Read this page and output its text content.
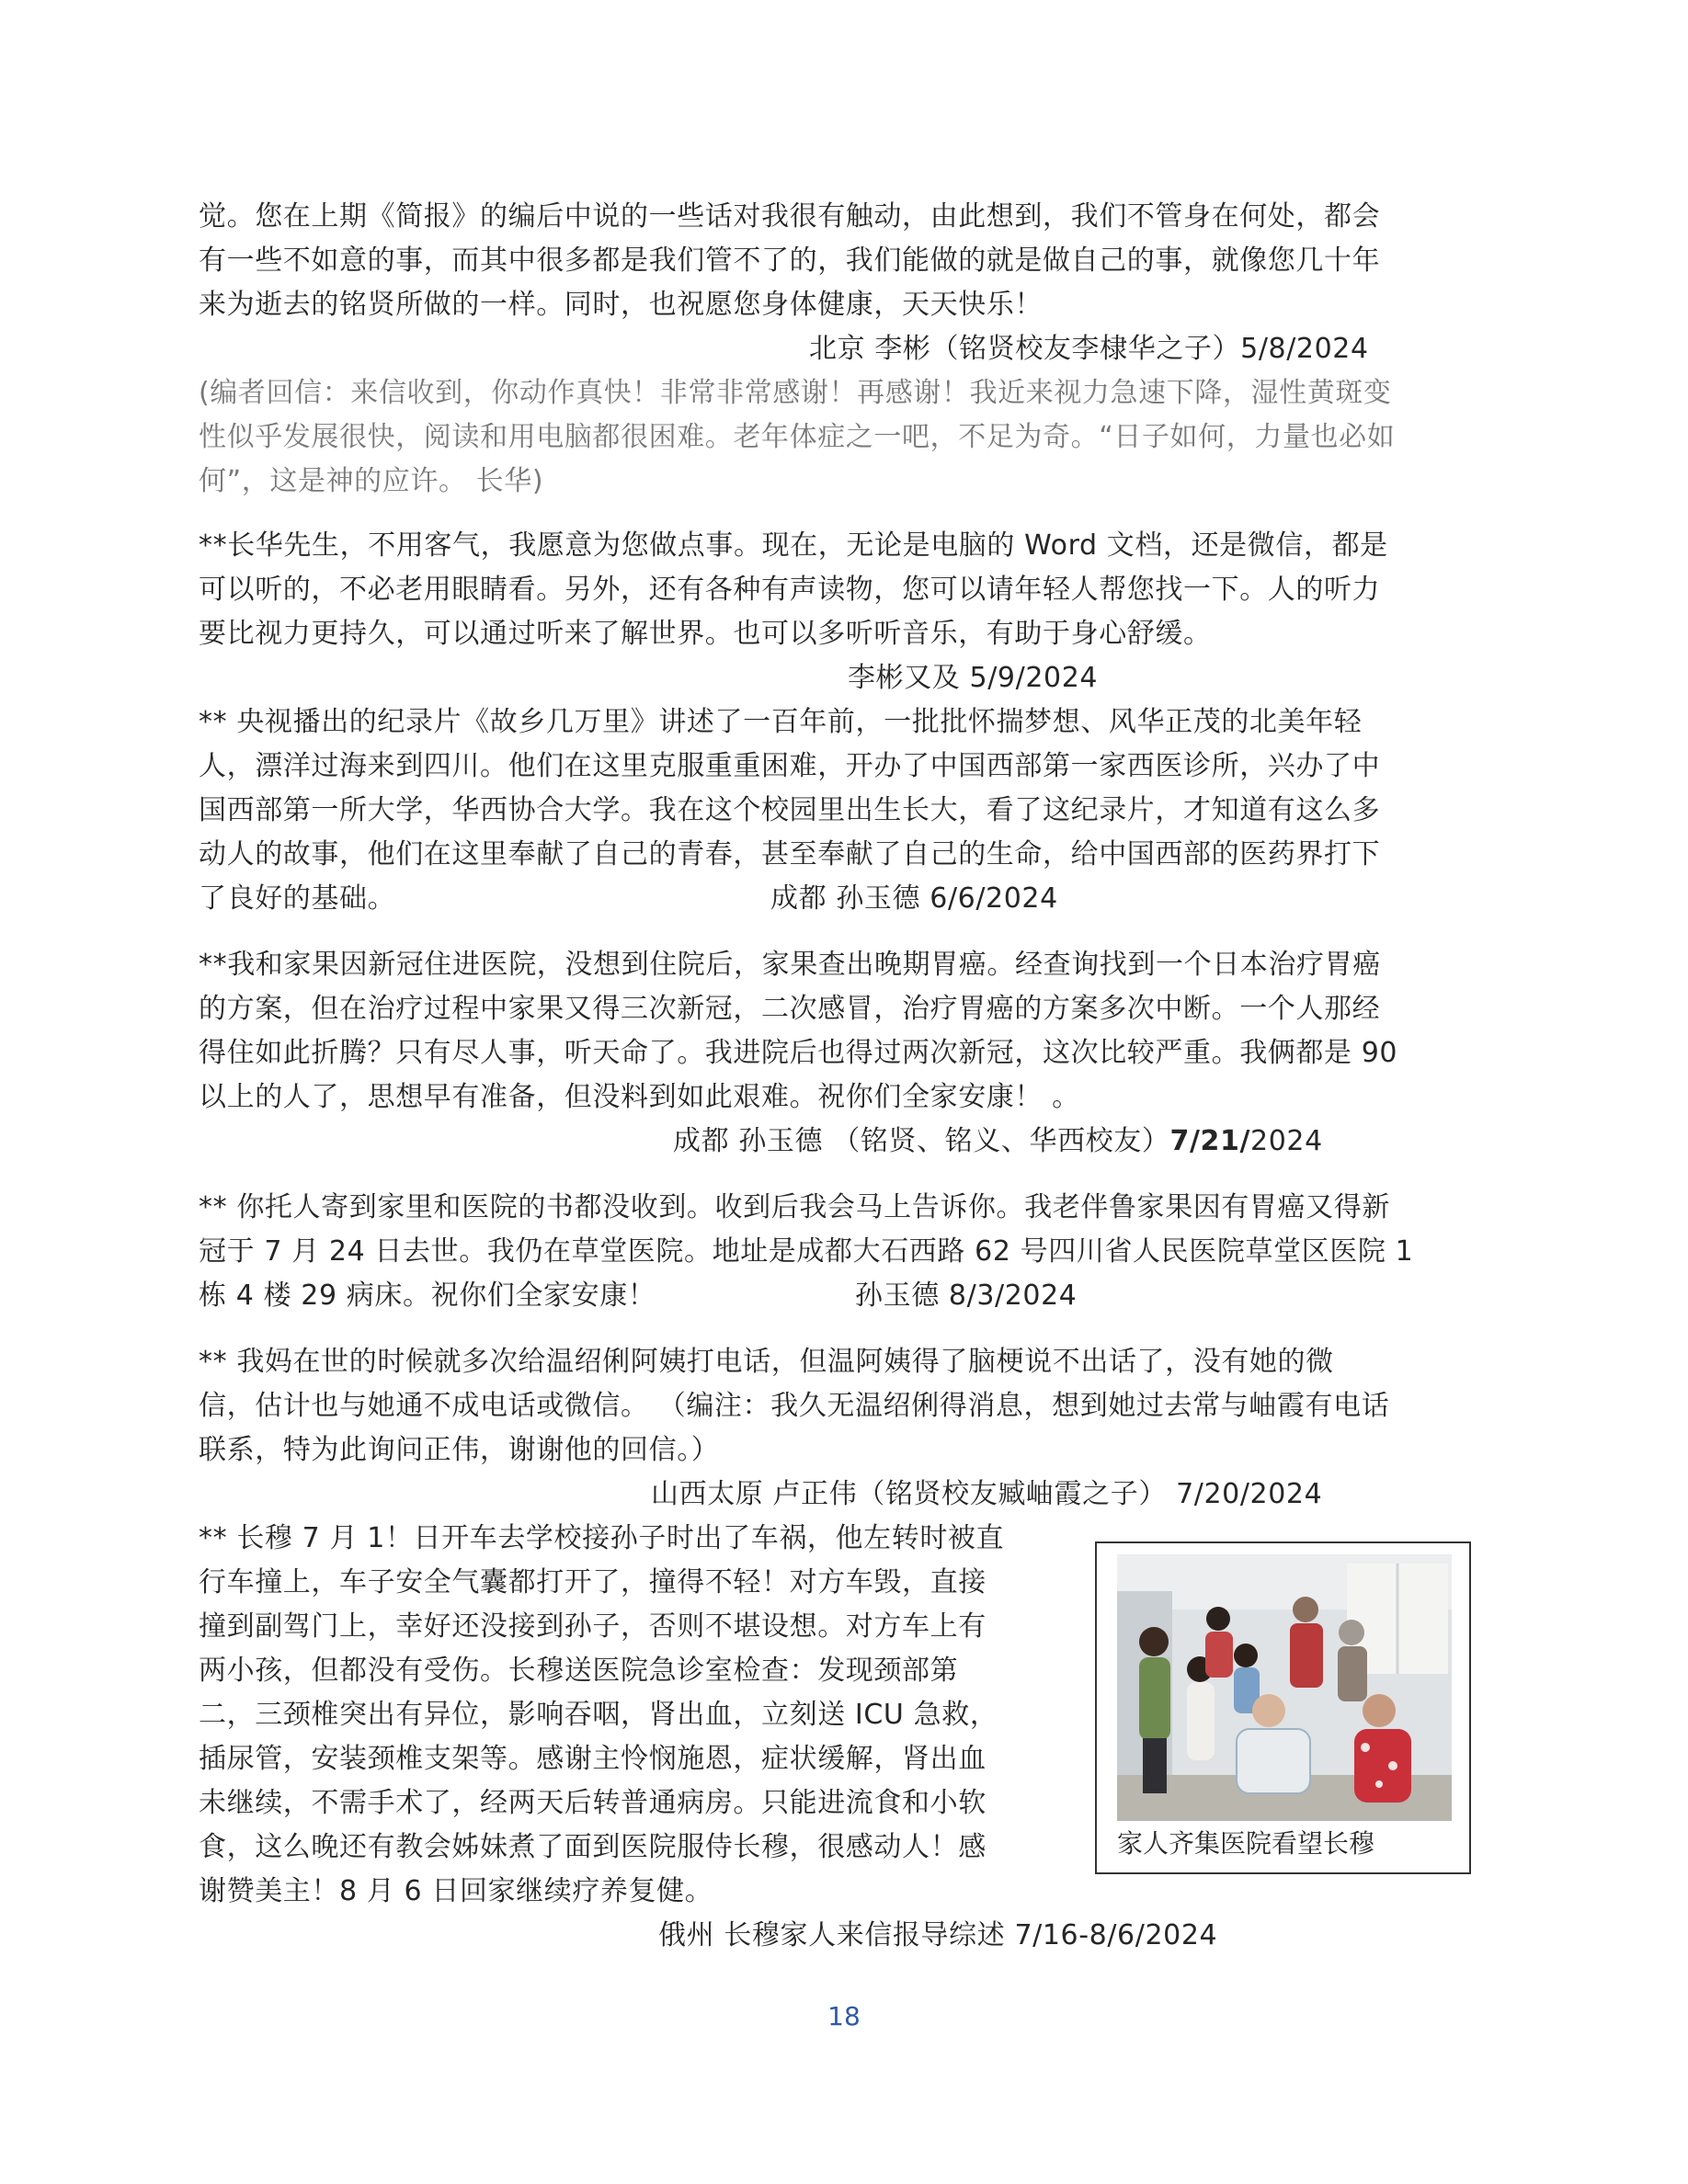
觉。您在上期《简报》的编后中说的一些话对我很有触动，由此想到，我们不管身在何处，都会
有一些不如意的事，而其中很多都是我们管不了的，我们能做的就是做自己的事，就像您几十年
来为逝去的铭贤所做的一样。同时，也祝愿您身体健康，天天快乐！
北京 李彬（铭贤校友李棣华之子）5/8/2024
(编者回信：来信收到，你动作真快！非常非常感谢！再感谢！我近来视力急速下降，湿性黄斑变
性似乎发展很快，阅读和用电脑都很困难。老年体症之一吧，不足为奇。“日子如何，力量也必如
何”，这是神的应许。 长华)
**长华先生，不用客气，我愿意为您做点事。现在，无论是电脑的 Word 文档，还是微信，都是
可以听的，不必老用眼睛看。另外，还有各种有声读物，您可以请年轻人帮您找一下。人的听力
要比视力更持久，可以通过听来了解世界。也可以多听听音乐，有助于身心舒缓。
李彬又及 5/9/2024
** 央视播出的纪录片《故乡几万里》讲述了一百年前，一批批怀揣梦想、风华正茂的北美年轻
人，漂洋过海来到四川。他们在这里克服重重困难，开办了中国西部第一家西医诊所，兴办了中
国西部第一所大学，华西协合大学。我在这个校园里出生长大，看了这纪录片，才知道有这么多
动人的故事，他们在这里奉献了自己的青春，甚至奉献了自己的生命，给中国西部的医药界打下
了良好的基础。	成都 孙玉德 6/6/2024
**我和家果因新冠住进医院，没想到住院后，家果查出晚期胃癌。经查询找到一个日本治疗胃癌
的方案，但在治疗过程中家果又得三次新冠，二次感冒，治疗胃癌的方案多次中断。一个人那经
得住如此折腾？只有尽人事，听天命了。我进院后也得过两次新冠，这次比较严重。我俩都是 90
以上的人了，思想早有准备，但没料到如此艰难。祝你们全家安康！ 。
成都 孙玉德 （铭贤、铭义、华西校友）7/21/2024
** 你托人寄到家里和医院的书都没收到。收到后我会马上告诉你。我老伴鲁家果因有胃癌又得新
冠于 7 月 24 日去世。我仍在草堂医院。地址是成都大石西路 62 号四川省人民医院草堂区医院 1
栋 4 楼 29 病床。祝你们全家安康！	孙玉德 8/3/2024
** 我妈在世的时候就多次给温绍俐阿姨打电话，但温阿姨得了脑梗说不出话了，没有她的微
信，估计也与她通不成电话或微信。 （编注：我久无温绍俐得消息，想到她过去常与岫霞有电话
联系，特为此询问正伟，谢谢他的回信。）
山西太原 卢正伟（铭贤校友臧岫霞之子） 7/20/2024
** 长穆 7 月 1！日开车去学校接孙子时出了车祸，他左转时被直
行车撞上，车子安全气囊都打开了，撞得不轻！对方车毁，直接
撞到副驾门上，幸好还没接到孙子，否则不堪设想。对方车上有
两小孩，但都没有受伤。长穆送医院急诊室检查：发现颈部第
二，三颈椎突出有异位，影响吞咽，肾出血，立刻送 ICU 急救，
插尿管，安装颈椎支架等。感谢主怜悯施恩，症状缓解，肾出血
未继续，不需手术了，经两天后转普通病房。只能进流食和小软
食，这么晚还有教会姊妹煮了面到医院服侍长穆，很感动人！感
谢赞美主！8 月 6 日回家继续疗养复健。
俄州 长穆家人来信报导综述 7/16-8/6/2024
家人齐集医院看望长穆
18
